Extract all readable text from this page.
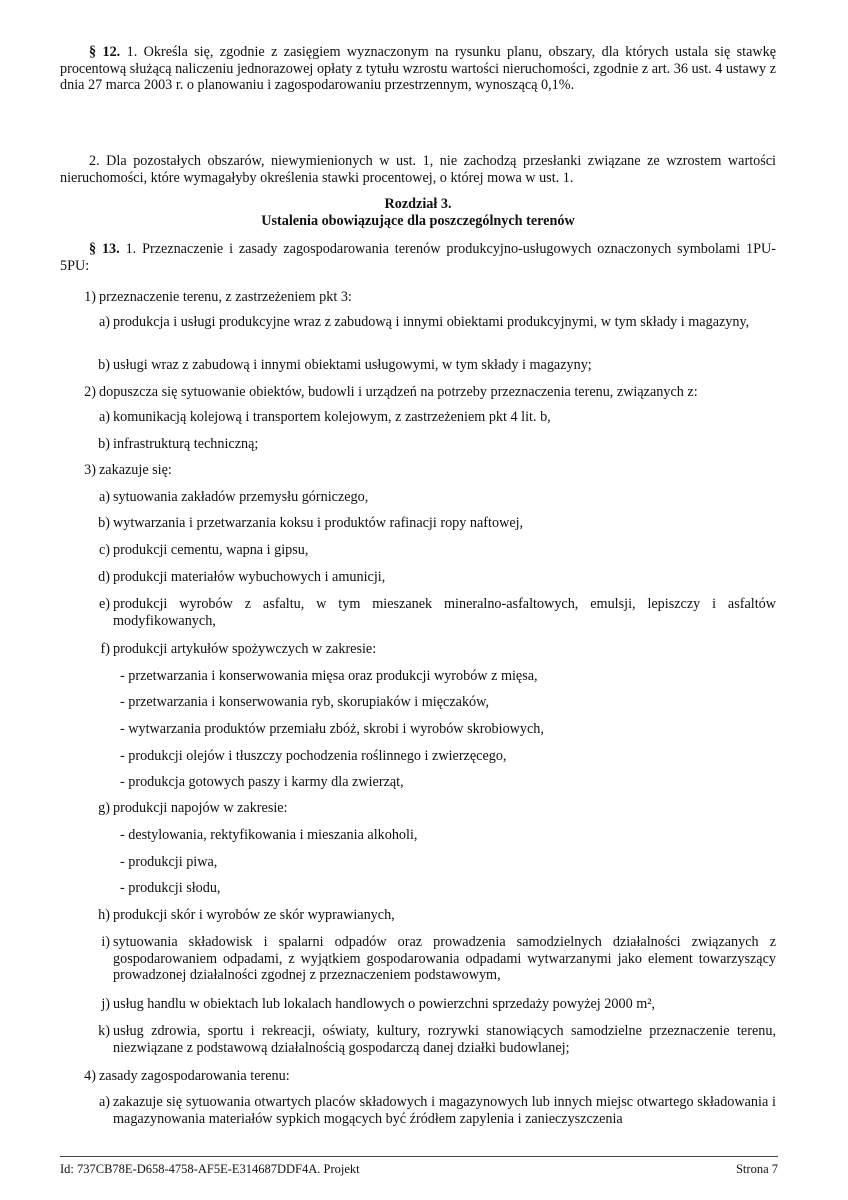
§ 12. 1. Określa się, zgodnie z zasięgiem wyznaczonym na rysunku planu, obszary, dla których ustala się stawkę procentową służącą naliczeniu jednorazowej opłaty z tytułu wzrostu wartości nieruchomości, zgodnie z art. 36 ust. 4 ustawy z dnia 27 marca 2003 r. o planowaniu i zagospodarowaniu przestrzennym, wynoszącą 0,1%.

2. Dla pozostałych obszarów, niewymienionych w ust. 1, nie zachodzą przesłanki związane ze wzrostem wartości nieruchomości, które wymagałyby określenia stawki procentowej, o której mowa w ust. 1.

Rozdział 3.

Ustalenia obowiązujące dla poszczególnych terenów

§ 13. 1. Przeznaczenie i zasady zagospodarowania terenów produkcyjno-usługowych oznaczonych symbolami 1PU-5PU:

1) przeznaczenie terenu, z zastrzeżeniem pkt 3:
a) produkcja i usługi produkcyjne wraz z zabudową i innymi obiektami produkcyjnymi, w tym składy i magazyny,
b) usługi wraz z zabudową i innymi obiektami usługowymi, w tym składy i magazyny;
2) dopuszcza się sytuowanie obiektów, budowli i urządzeń na potrzeby przeznaczenia terenu, związanych z:
a) komunikacją kolejową i transportem kolejowym, z zastrzeżeniem pkt 4 lit. b,
b) infrastrukturą techniczną;
3) zakazuje się:
a) sytuowania zakładów przemysłu górniczego,
b) wytwarzania i przetwarzania koksu i produktów rafinacji ropy naftowej,
c) produkcji cementu, wapna i gipsu,
d) produkcji materiałów wybuchowych i amunicji,
e) produkcji wyrobów z asfaltu, w tym mieszanek mineralno-asfaltowych, emulsji, lepiszczy i asfaltów modyfikowanych,
f) produkcji artykułów spożywczych w zakresie:
- przetwarzania i konserwowania mięsa oraz produkcji wyrobów z mięsa,
- przetwarzania i konserwowania ryb, skorupiaków i mięczaków,
- wytwarzania produktów przemiału zbóż, skrobi i wyrobów skrobiowych,
- produkcji olejów i tłuszczy pochodzenia roślinnego i zwierzęcego,
- produkcja gotowych paszy i karmy dla zwierząt,
g) produkcji napojów w zakresie:
- destylowania, rektyfikowania i mieszania alkoholi,
- produkcji piwa,
- produkcji słodu,
h) produkcji skór i wyrobów ze skór wyprawianych,
i) sytuowania składowisk i spalarni odpadów oraz prowadzenia samodzielnych działalności związanych z gospodarowaniem odpadami, z wyjątkiem gospodarowania odpadami wytwarzanymi jako element towarzyszący prowadzonej działalności zgodnej z przeznaczeniem podstawowym,
j) usług handlu w obiektach lub lokalach handlowych o powierzchni sprzedaży powyżej 2000 m²,
k) usług zdrowia, sportu i rekreacji, oświaty, kultury, rozrywki stanowiących samodzielne przeznaczenie terenu, niezwiązane z podstawową działalnością gospodarczą danej działki budowlanej;
4) zasady zagospodarowania terenu:
a) zakazuje się sytuowania otwartych placów składowych i magazynowych lub innych miejsc otwartego składowania i magazynowania materiałów sypkich mogących być źródłem zapylenia i zanieczyszczenia
Id: 737CB78E-D658-4758-AF5E-E314687DDF4A. Projekt	Strona 7
